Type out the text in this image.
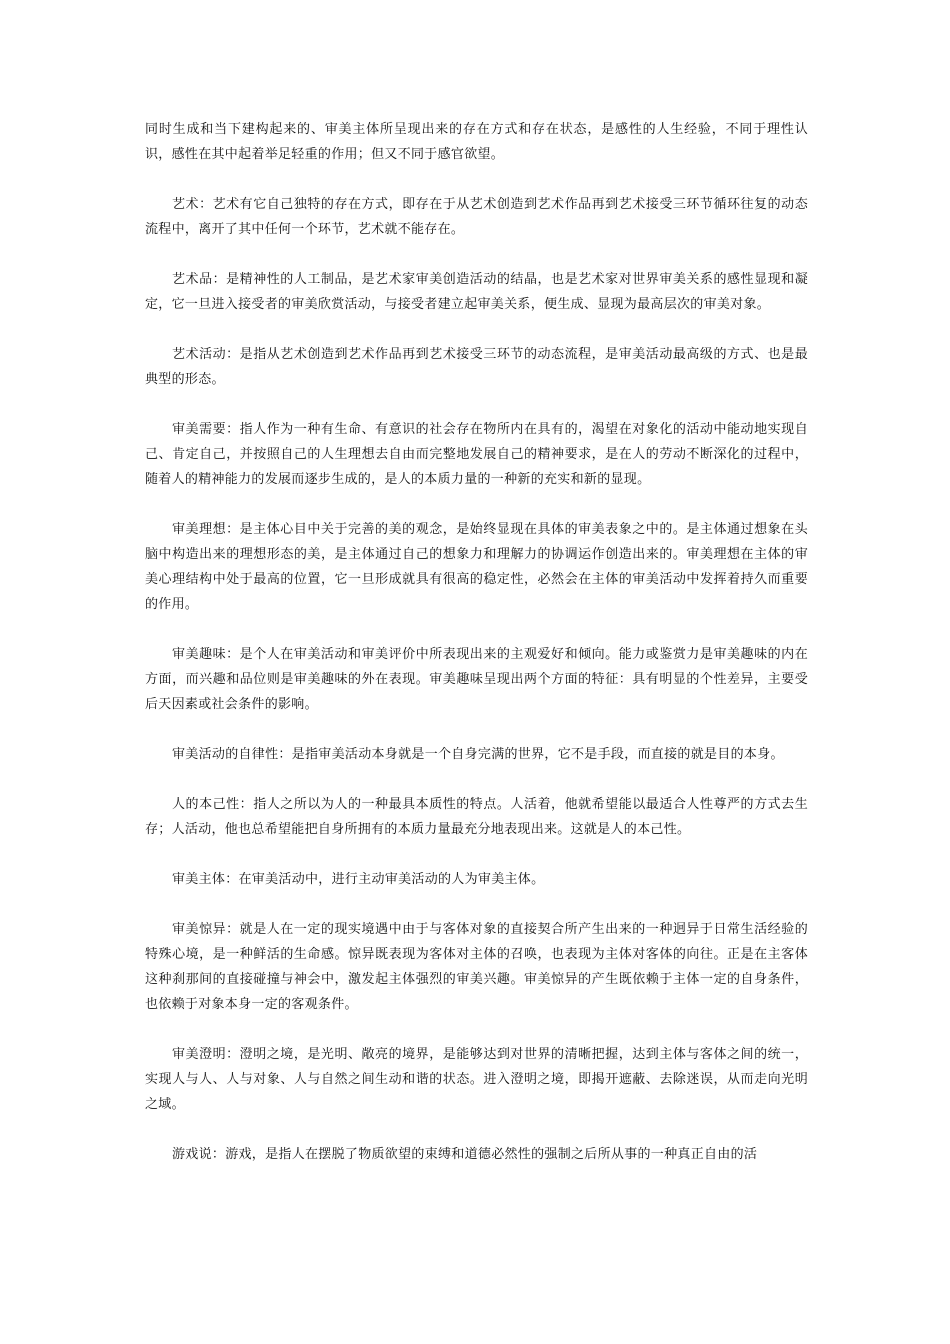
同时生成和当下建构起来的、审美主体所呈现出来的存在方式和存在状态，是感性的人生经验，不同于理性认识，感性在其中起着举足轻重的作用；但又不同于感官欲望。

艺术：艺术有它自己独特的存在方式，即存在于从艺术创造到艺术作品再到艺术接受三环节循环往复的动态流程中，离开了其中任何一个环节，艺术就不能存在。

艺术品：是精神性的人工制品，是艺术家审美创造活动的结晶，也是艺术家对世界审美关系的感性显现和凝定，它一旦进入接受者的审美欣赏活动，与接受者建立起审美关系，便生成、显现为最高层次的审美对象。

艺术活动：是指从艺术创造到艺术作品再到艺术接受三环节的动态流程，是审美活动最高级的方式、也是最典型的形态。

审美需要：指人作为一种有生命、有意识的社会存在物所内在具有的，渴望在对象化的活动中能动地实现自己、肯定自己，并按照自己的人生理想去自由而完整地发展自己的精神要求，是在人的劳动不断深化的过程中，随着人的精神能力的发展而逐步生成的，是人的本质力量的一种新的充实和新的显现。

审美理想：是主体心目中关于完善的美的观念，是始终显现在具体的审美表象之中的。是主体通过想象在头脑中构造出来的理想形态的美，是主体通过自己的想象力和理解力的协调运作创造出来的。审美理想在主体的审美心理结构中处于最高的位置，它一旦形成就具有很高的稳定性，必然会在主体的审美活动中发挥着持久而重要的作用。

审美趣味：是个人在审美活动和审美评价中所表现出来的主观爱好和倾向。能力或鉴赏力是审美趣味的内在方面，而兴趣和品位则是审美趣味的外在表现。审美趣味呈现出两个方面的特征：具有明显的个性差异，主要受后天因素或社会条件的影响。

审美活动的自律性：是指审美活动本身就是一个自身完满的世界，它不是手段，而直接的就是目的本身。

人的本己性：指人之所以为人的一种最具本质性的特点。人活着，他就希望能以最适合人性尊严的方式去生存；人活动，他也总希望能把自身所拥有的本质力量最充分地表现出来。这就是人的本己性。

审美主体：在审美活动中，进行主动审美活动的人为审美主体。

审美惊异：就是人在一定的现实境遇中由于与客体对象的直接契合所产生出来的一种迥异于日常生活经验的特殊心境，是一种鲜活的生命感。惊异既表现为客体对主体的召唤，也表现为主体对客体的向往。正是在主客体这种刹那间的直接碰撞与神会中，激发起主体强烈的审美兴趣。审美惊异的产生既依赖于主体一定的自身条件，也依赖于对象本身一定的客观条件。

审美澄明：澄明之境，是光明、敞亮的境界，是能够达到对世界的清晰把握，达到主体与客体之间的统一，实现人与人、人与对象、人与自然之间生动和谐的状态。进入澄明之境，即揭开遮蔽、去除迷误，从而走向光明之域。

游戏说：游戏，是指人在摆脱了物质欲望的束缚和道德必然性的强制之后所从事的一种真正自由的活
